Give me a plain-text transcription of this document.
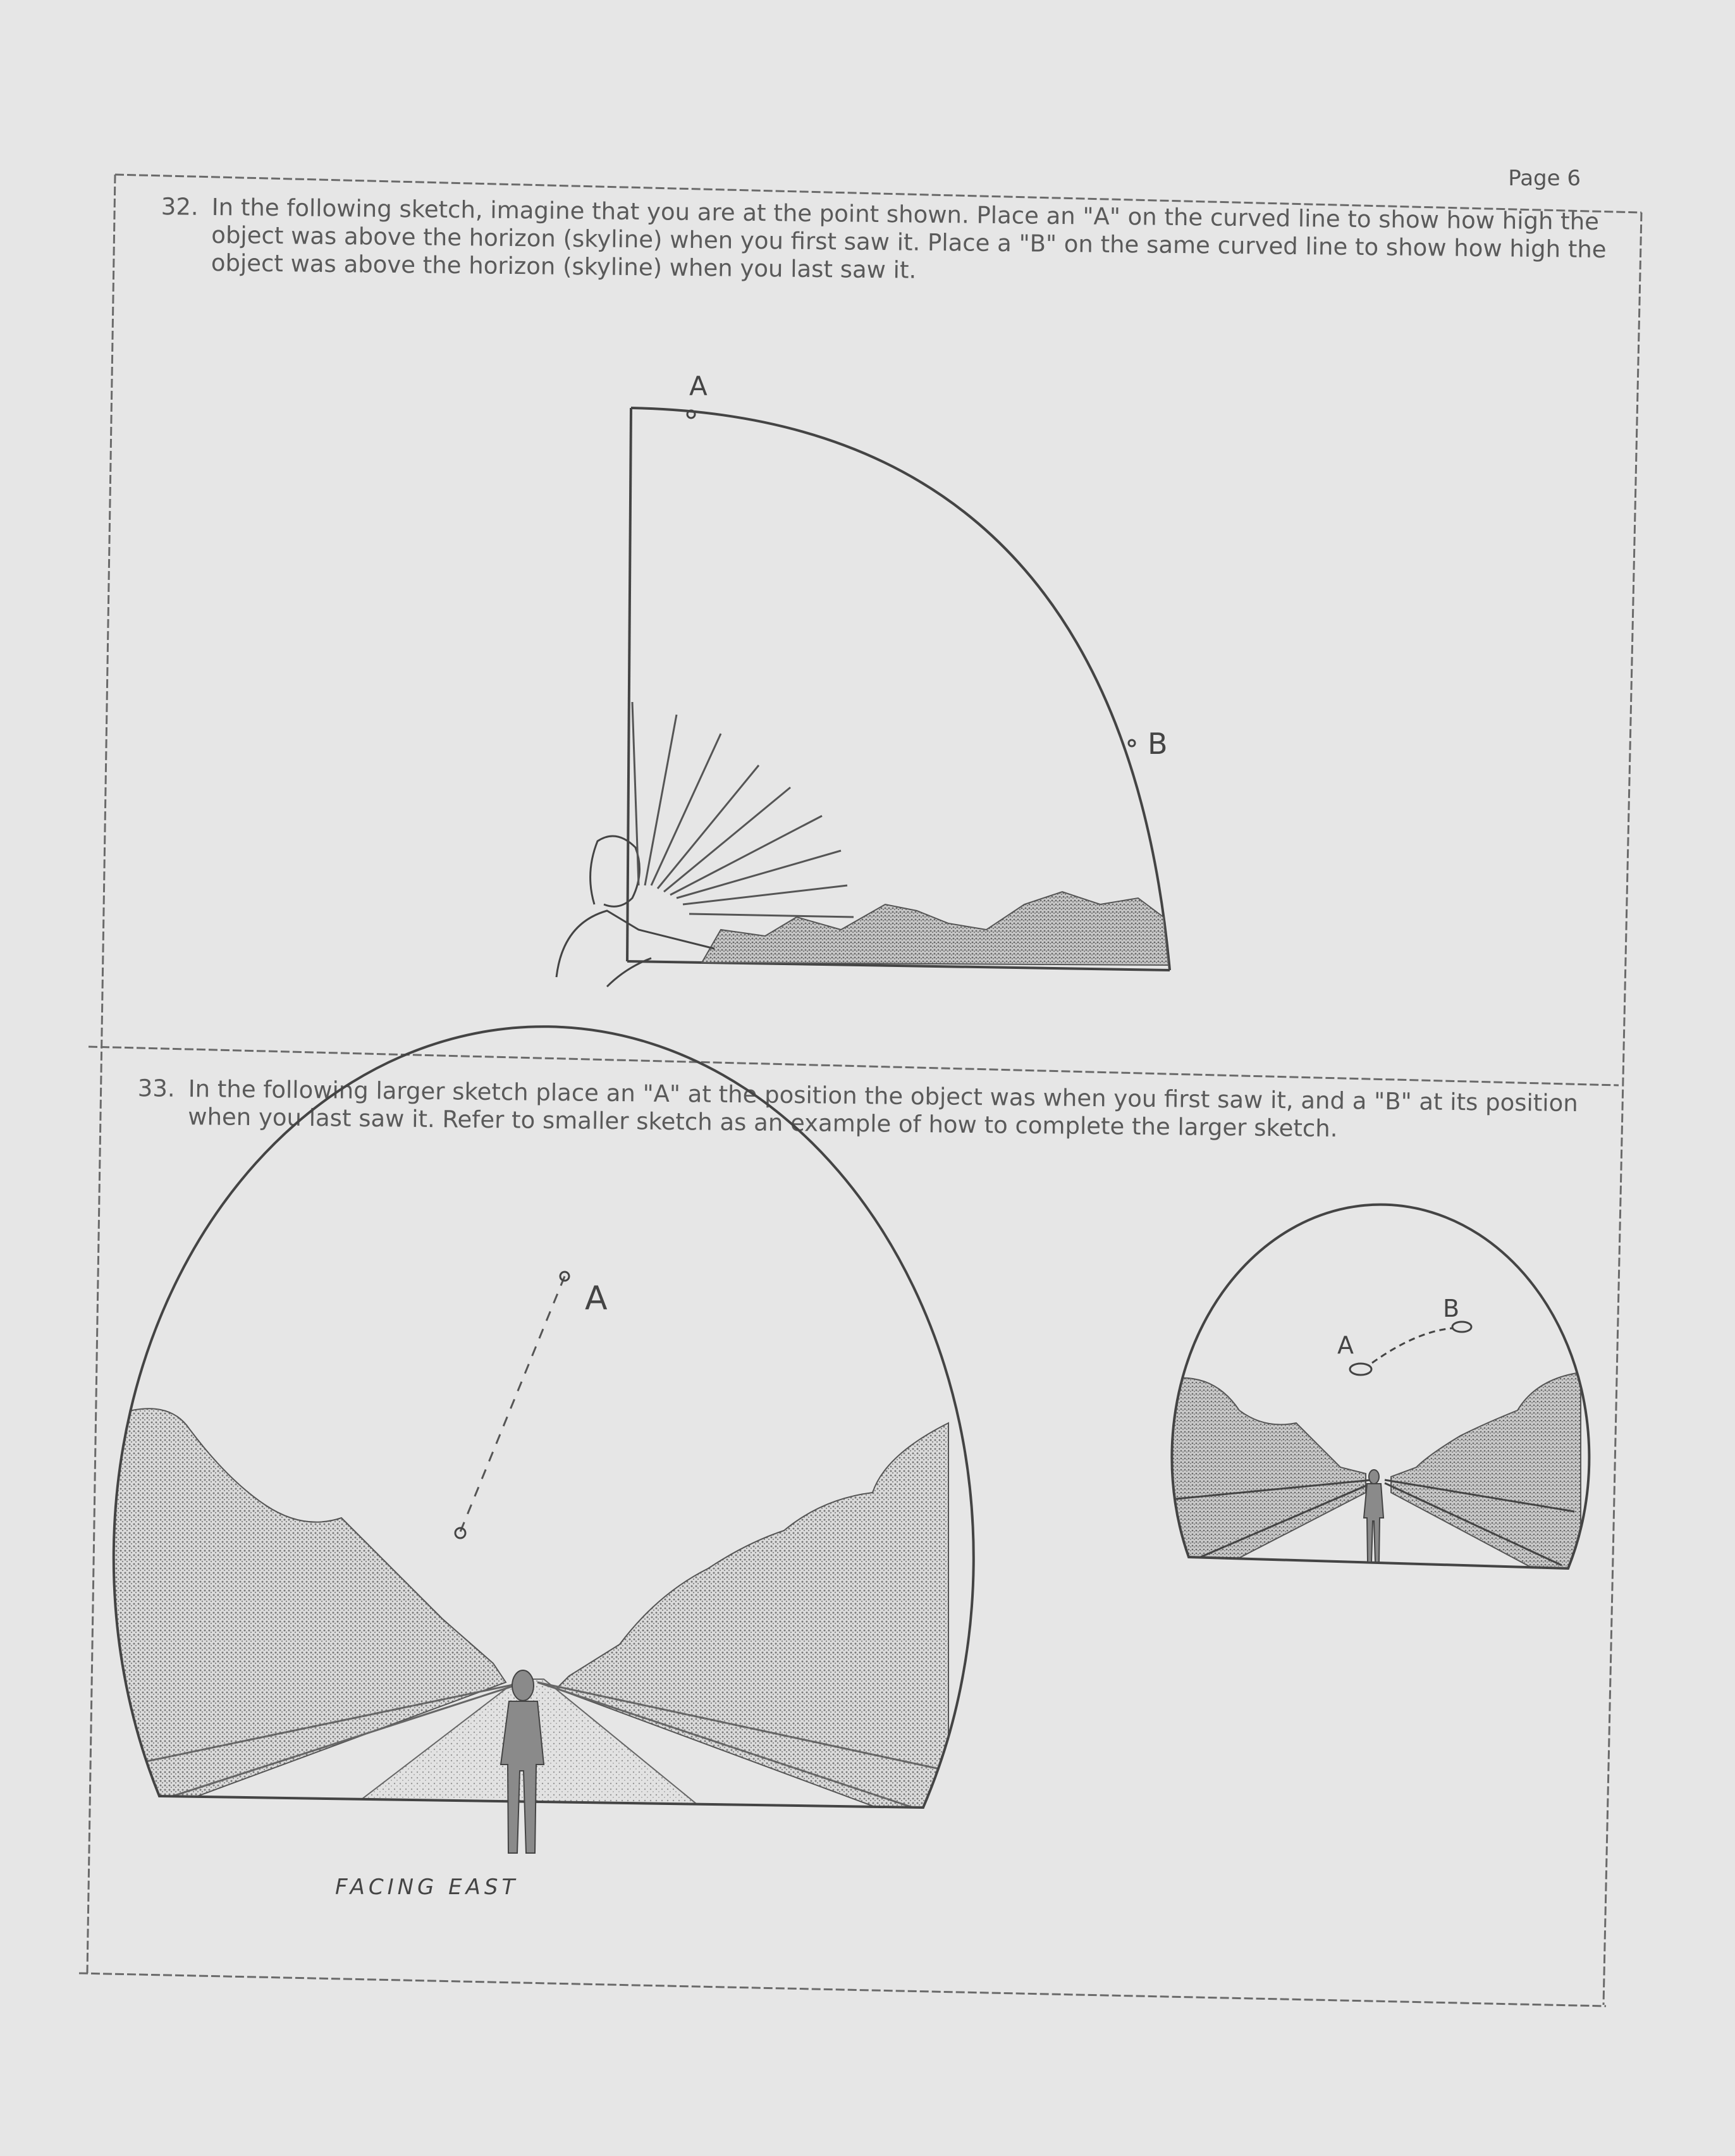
Page 6
32. In the following sketch, imagine that you are at the point shown. Place an "A" on the curved line to show how high the object was above the horizon (skyline) when you first saw it. Place a "B" on the same curved line to show how high the object was above the horizon (skyline) when you last saw it.
33. In the following larger sketch place an "A" at the position the object was when you first saw it, and a "B" at its position when you last saw it. Refer to smaller sketch as an example of how to complete the larger sketch.
A
B
A
FACING EAST
A
B
